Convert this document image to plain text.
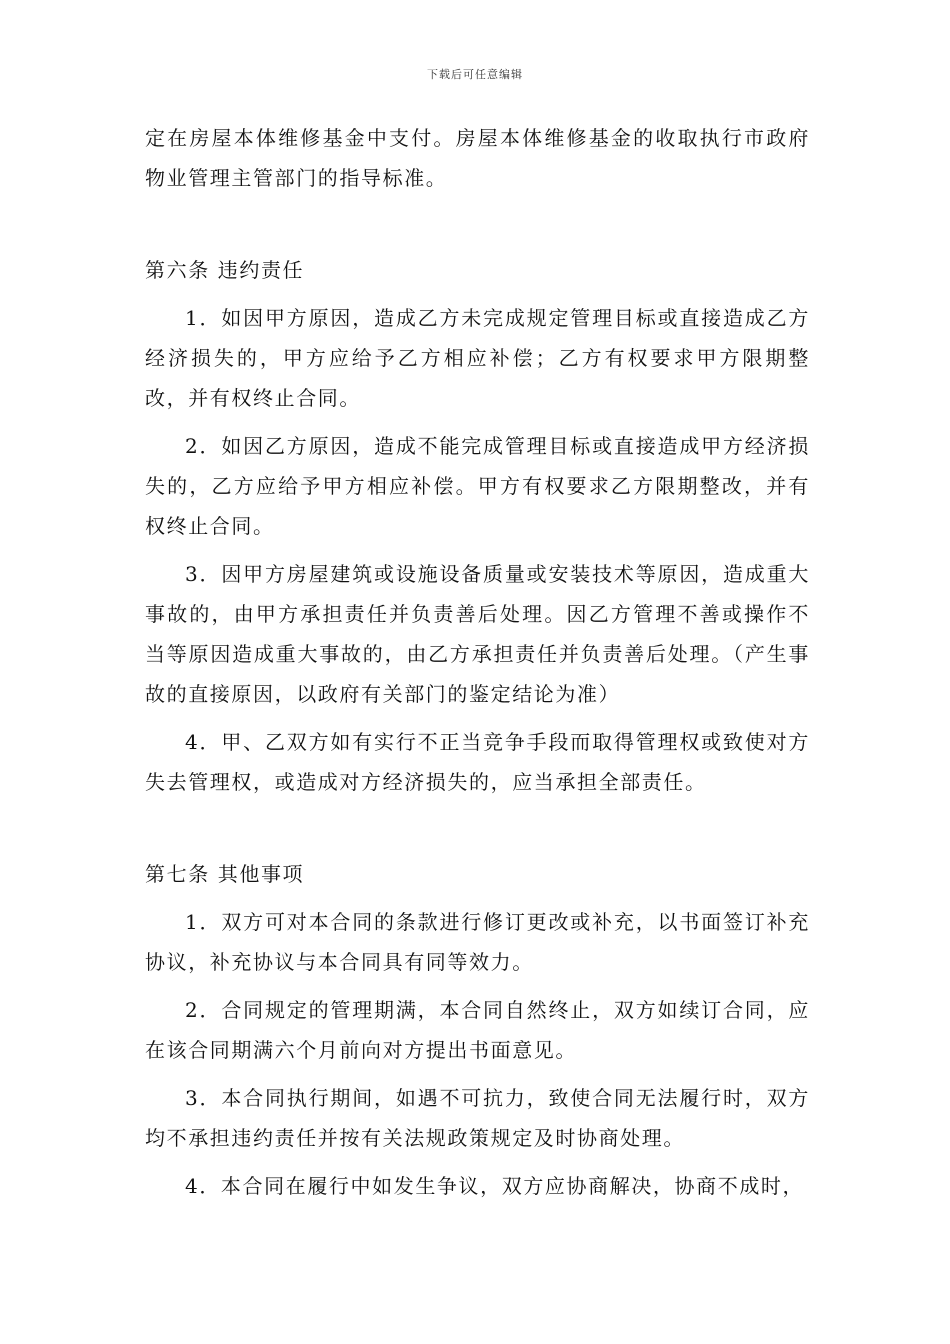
下载后可任意编辑

定在房屋本体维修基金中支付。房屋本体维修基金的收取执行市政府物业管理主管部门的指导标准。

第六条 违约责任

1．如因甲方原因，造成乙方未完成规定管理目标或直接造成乙方经济损失的，甲方应给予乙方相应补偿；乙方有权要求甲方限期整改，并有权终止合同。

2．如因乙方原因，造成不能完成管理目标或直接造成甲方经济损失的，乙方应给予甲方相应补偿。甲方有权要求乙方限期整改，并有权终止合同。

3．因甲方房屋建筑或设施设备质量或安装技术等原因，造成重大事故的，由甲方承担责任并负责善后处理。因乙方管理不善或操作不当等原因造成重大事故的，由乙方承担责任并负责善后处理。（产生事故的直接原因，以政府有关部门的鉴定结论为准）

4．甲、乙双方如有实行不正当竞争手段而取得管理权或致使对方失去管理权，或造成对方经济损失的，应当承担全部责任。

第七条 其他事项

1．双方可对本合同的条款进行修订更改或补充，以书面签订补充协议，补充协议与本合同具有同等效力。

2．合同规定的管理期满，本合同自然终止，双方如续订合同，应在该合同期满六个月前向对方提出书面意见。

3．本合同执行期间，如遇不可抗力，致使合同无法履行时，双方均不承担违约责任并按有关法规政策规定及时协商处理。

4．本合同在履行中如发生争议，双方应协商解决，协商不成时，
